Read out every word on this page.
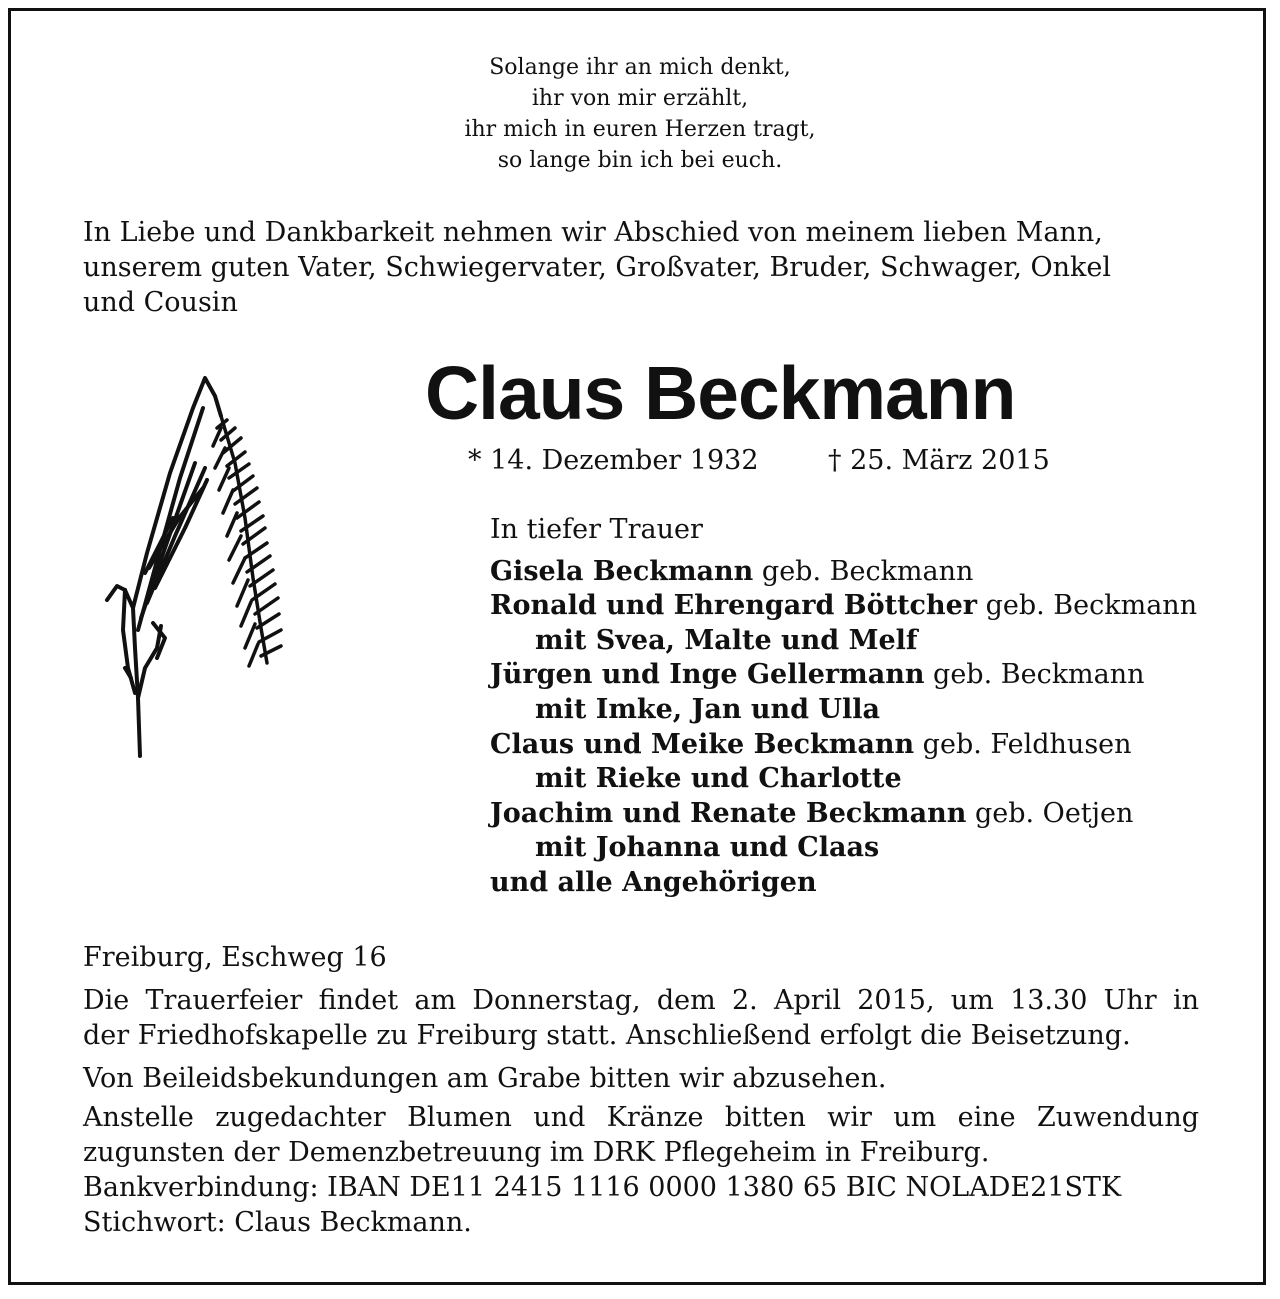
Solange ihr an mich denkt,
ihr von mir erzählt,
ihr mich in euren Herzen tragt,
so lange bin ich bei euch.
In Liebe und Dankbarkeit nehmen wir Abschied von meinem lieben Mann,
unserem guten Vater, Schwiegervater, Großvater, Bruder, Schwager, Onkel
und Cousin
Claus Beckmann
* 14. Dezember 1932	† 25. März 2015
In tiefer Trauer
Gisela Beckmann geb. Beckmann
Ronald und Ehrengard Böttcher geb. Beckmann
mit Svea, Malte und Melf
Jürgen und Inge Gellermann geb. Beckmann
mit Imke, Jan und Ulla
Claus und Meike Beckmann geb. Feldhusen
mit Rieke und Charlotte
Joachim und Renate Beckmann geb. Oetjen
mit Johanna und Claas
und alle Angehörigen
Freiburg, Eschweg 16
Die Trauerfeier findet am Donnerstag, dem 2. April 2015, um 13.30 Uhr in
der Friedhofskapelle zu Freiburg statt. Anschließend erfolgt die Beisetzung.
Von Beileidsbekundungen am Grabe bitten wir abzusehen.
Anstelle zugedachter Blumen und Kränze bitten wir um eine Zuwendung
zugunsten der Demenzbetreuung im DRK Pflegeheim in Freiburg.
Bankverbindung: IBAN DE11 2415 1116 0000 1380 65 BIC NOLADE21STK
Stichwort: Claus Beckmann.
